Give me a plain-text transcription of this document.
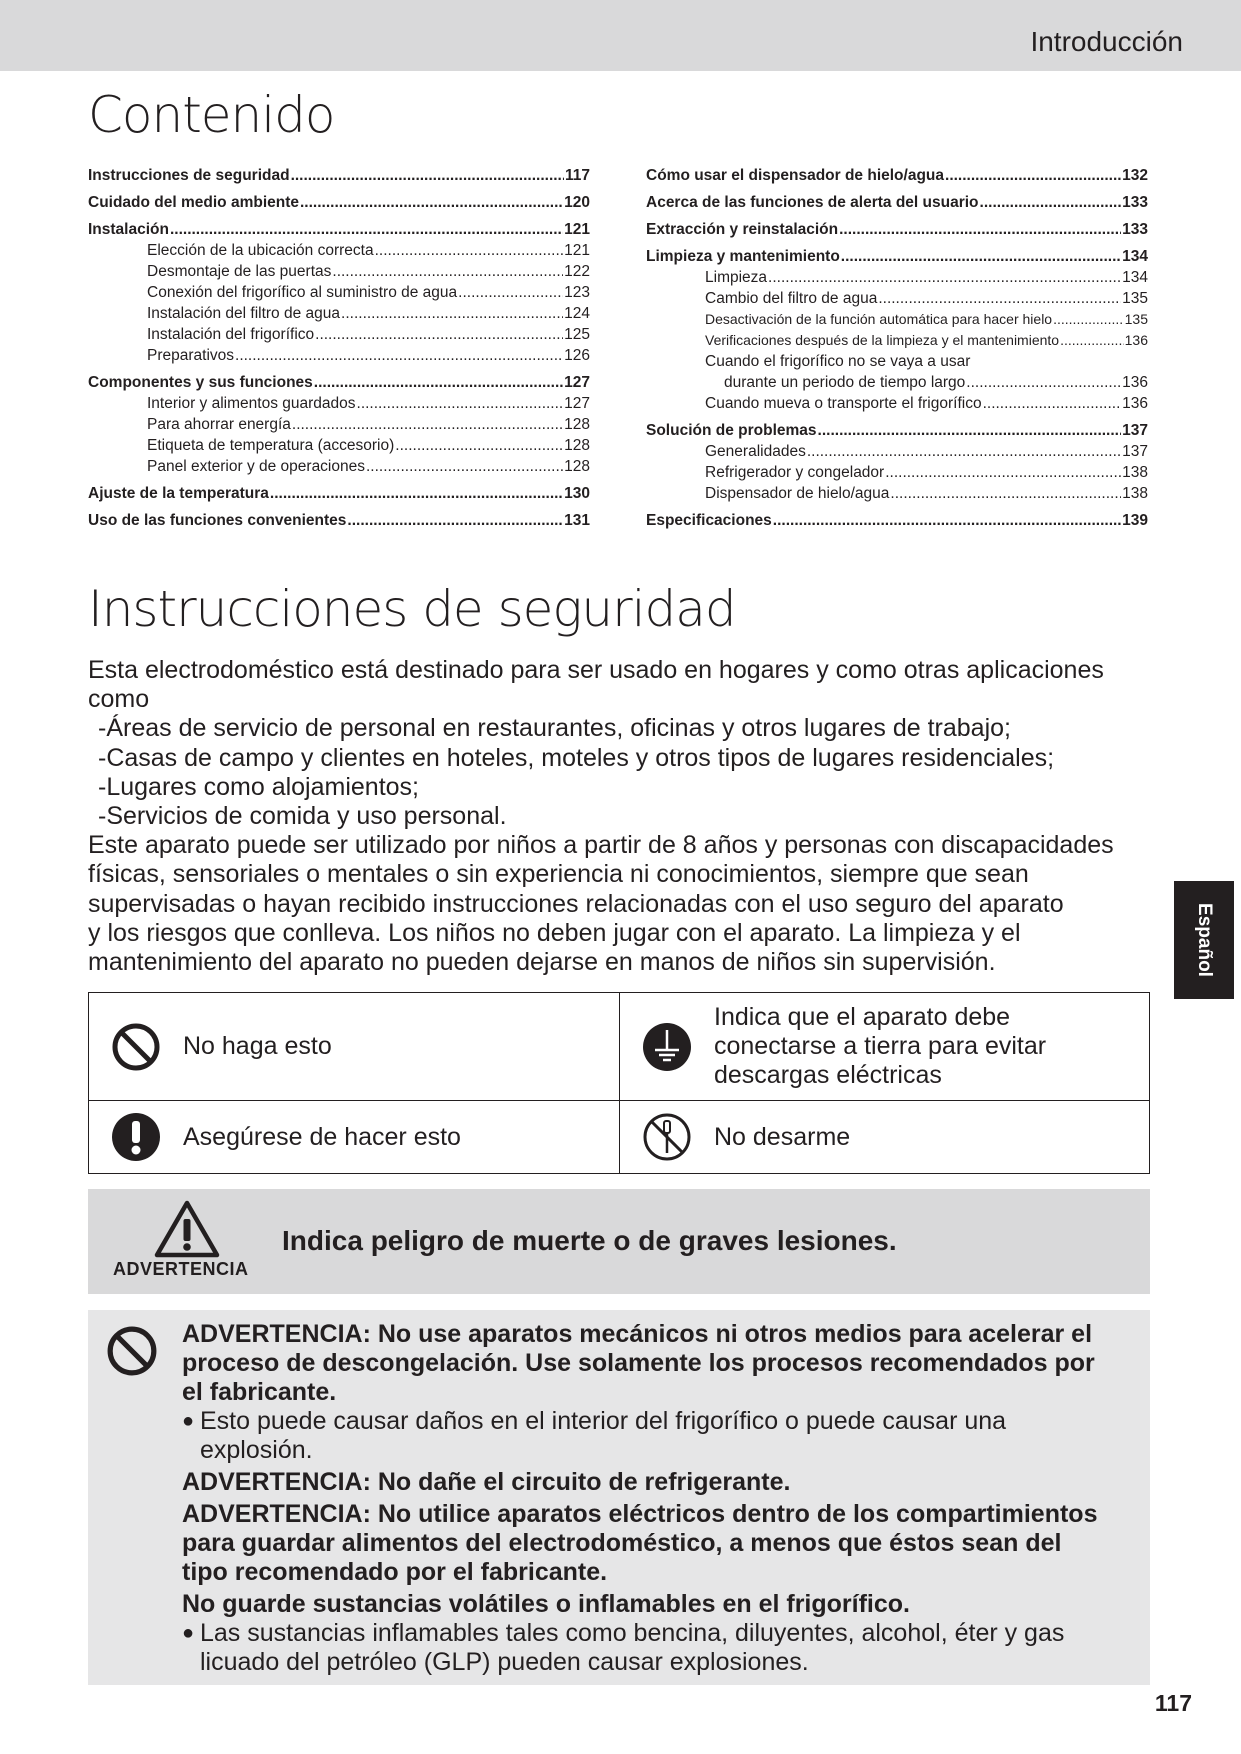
Introducción
Contenido
Instrucciones de seguridad .....	117
Cuidado del medio ambiente .....	120
Instalación .....	121
Elección de la ubicación correcta .....	121
Desmontaje de las puertas .....	122
Conexión del frigorífico al suministro de agua .....	123
Instalación del filtro de agua .....	124
Instalación del frigorífico .....	125
Preparativos .....	126
Componentes y sus funciones .....	127
Interior y alimentos guardados .....	127
Para ahorrar energía .....	128
Etiqueta de temperatura (accesorio) .....	128
Panel exterior y de operaciones .....	128
Ajuste de la temperatura .....	130
Uso de las funciones convenientes .....	131
Cómo usar el dispensador de hielo/agua .....	132
Acerca de las funciones de alerta del usuario .....	133
Extracción y reinstalación .....	133
Limpieza y mantenimiento .....	134
Limpieza .....	134
Cambio del filtro de agua .....	135
Desactivación de la función automática para hacer hielo .....	135
Verificaciones después de la limpieza y el mantenimiento .....	136
Cuando el frigorífico no se vaya a usar
durante un periodo de tiempo largo .....	136
Cuando mueva o transporte el frigorífico .....	136
Solución de problemas .....	137
Generalidades .....	137
Refrigerador y congelador .....	138
Dispensador de hielo/agua .....	138
Especificaciones .....	139
Instrucciones de seguridad
Esta electrodoméstico está destinado para ser usado en hogares y como otras aplicaciones
como
-Áreas de servicio de personal en restaurantes, oficinas y otros lugares de trabajo;
-Casas de campo y clientes en hoteles, moteles y otros tipos de lugares residenciales;
-Lugares como alojamientos;
-Servicios de comida y uso personal.
Este aparato puede ser utilizado por niños a partir de 8 años y personas con discapacidades
físicas, sensoriales o mentales o sin experiencia ni conocimientos, siempre que sean
supervisadas o hayan recibido instrucciones relacionadas con el uso seguro del aparato
y los riesgos que conlleva. Los niños no deben jugar con el aparato. La limpieza y el
mantenimiento del aparato no pueden dejarse en manos de niños sin supervisión.
No haga esto	Indica que el aparato debe
conectarse a tierra para evitar
descargas eléctricas

Asegúrese de hacer esto	No desarme
ADVERTENCIA
Indica peligro de muerte o de graves lesiones.
ADVERTENCIA: No use aparatos mecánicos ni otros medios para acelerar el
proceso de descongelación. Use solamente los procesos recomendados por
el fabricante.
● Esto puede causar daños en el interior del frigorífico o puede causar una
explosión.
ADVERTENCIA: No dañe el circuito de refrigerante.
ADVERTENCIA: No utilice aparatos eléctricos dentro de los compartimientos
para guardar alimentos del electrodoméstico, a menos que éstos sean del
tipo recomendado por el fabricante.
No guarde sustancias volátiles o inflamables en el frigorífico.
● Las sustancias inflamables tales como bencina, diluyentes, alcohol, éter y gas
licuado del petróleo (GLP) pueden causar explosiones.
Español
117
